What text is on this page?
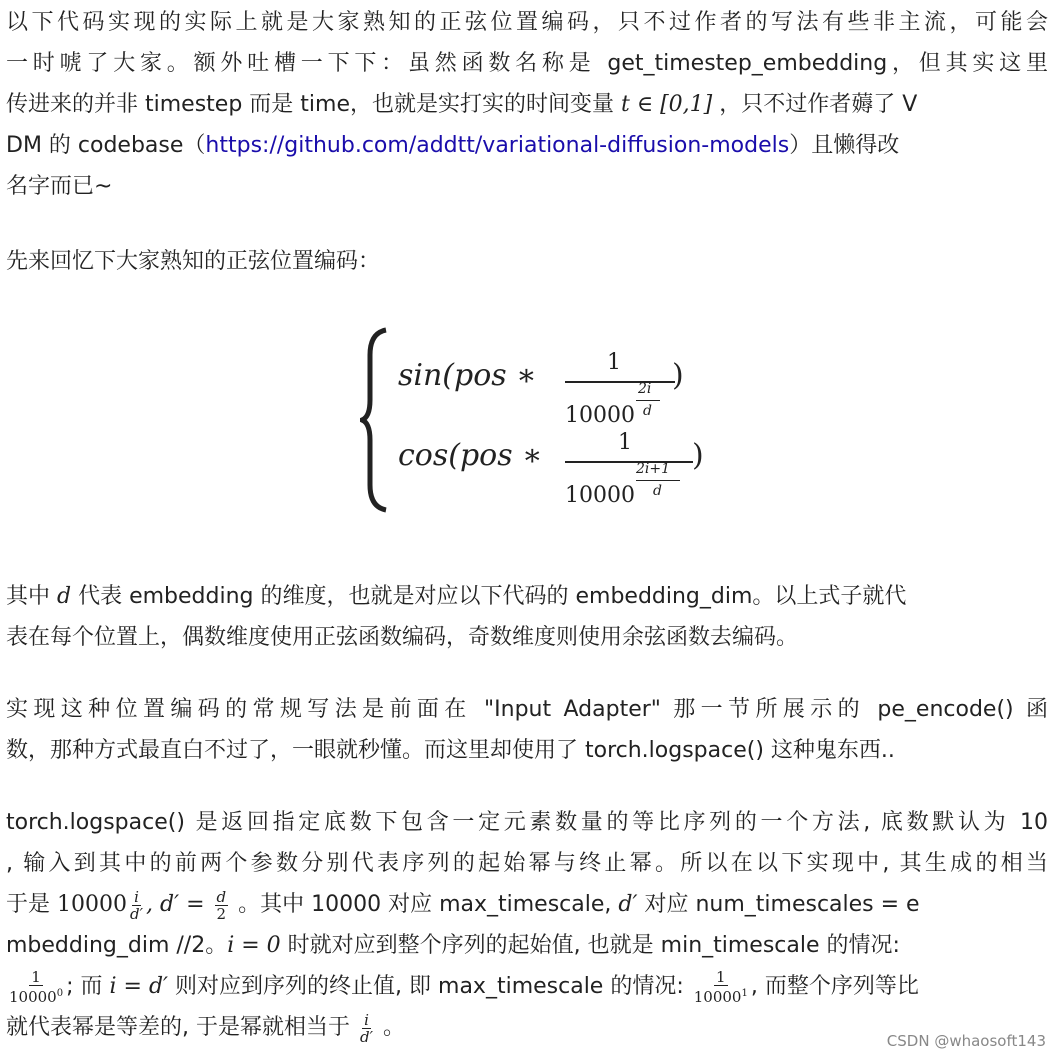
以下代码实现的实际上就是大家熟知的正弦位置编码，只不过作者的写法有些非主流，可能会
一时唬了大家。额外吐槽一下下：虽然函数名称是 get_timestep_embedding，但其实这里
传进来的并非 timestep 而是 time，也就是实打实的时间变量 t ∈ [0,1] ，只不过作者薅了 V
DM 的 codebase（https://github.com/addtt/variational-diffusion-models）且懒得改
名字而已~
先来回忆下大家熟知的正弦位置编码：
sin(pos ∗	1
10000
2i
d
)
cos(pos ∗	1
10000
2i+1
d
)
其中 d 代表 embedding 的维度，也就是对应以下代码的 embedding_dim。以上式子就代
表在每个位置上，偶数维度使用正弦函数编码，奇数维度则使用余弦函数去编码。
实现这种位置编码的常规写法是前面在 "Input Adapter" 那一节所展示的 pe_encode() 函
数，那种方式最直白不过了，一眼就秒懂。而这里却使用了 torch.logspace() 这种鬼东西..
torch.logspace() 是返回指定底数下包含一定元素数量的等比序列的一个方法, 底数默认为 10
, 输入到其中的前两个参数分别代表序列的起始幂与终止幂。所以在以下实现中, 其生成的相当
于是 $10000 \frac{i}{d'}$ , $d' = \frac{d}{2}$ 。其中 10000 对应 max_timescale, d′ 对应 num_timescales = e
mbedding_dim //2。i = 0 时就对应到整个序列的起始值, 也就是 min_timescale 的情况:
$\frac{1}{10000^0}$ ; 而 i = d′ 则对应到序列的终止值, 即 max_timescale 的情况: $\frac{1}{10000^1}$ , 而整个序列等比
就代表幂是等差的, 于是幂就相当于 $\frac{i}{d'}$ 。
CSDN @whaosoft143
